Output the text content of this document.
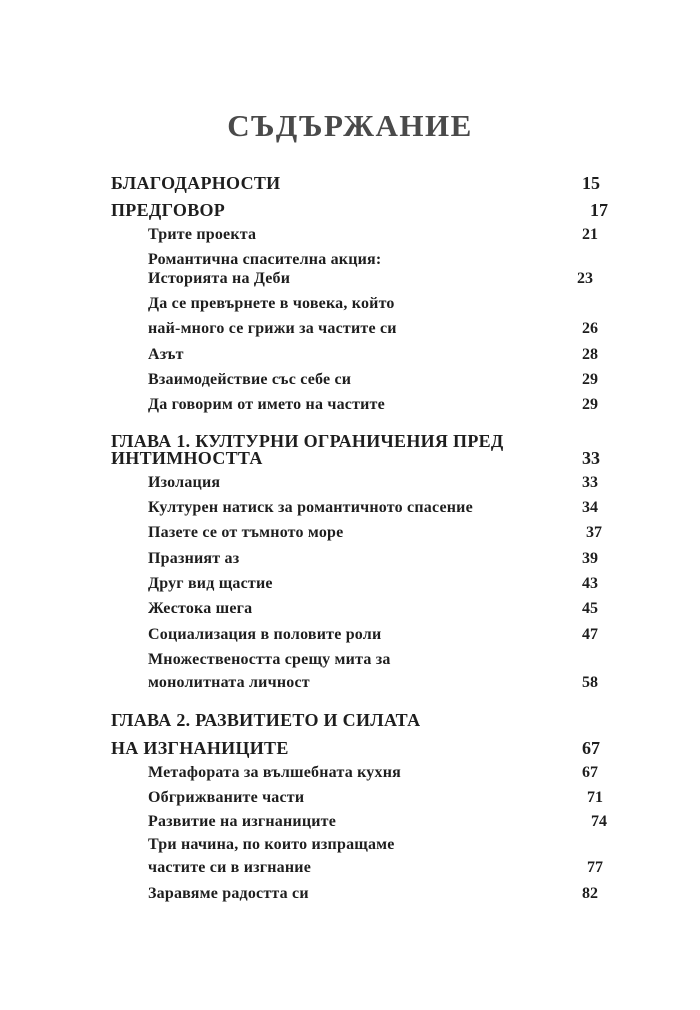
СЪДЪРЖАНИЕ
БЛАГОДАРНОСТИ	15
ПРЕДГОВОР	17
Трите проекта	21
Романтична спасителна акция:
Историята на Деби	23
Да се превърнете в човека, който
най-много се грижи за частите си	26
Азът	28
Взаимодействие със себе си	29
Да говорим от името на частите	29
ГЛАВА 1. КУЛТУРНИ ОГРАНИЧЕНИЯ ПРЕД
ИНТИМНОСТТА	33
Изолация	33
Културен натиск за романтичното спасение	34
Пазете се от тъмното море	37
Празният аз	39
Друг вид щастие	43
Жестока шега	45
Социализация в половите роли	47
Множествеността срещу мита за
монолитната личност	58
ГЛАВА 2. РАЗВИТИЕТО И СИЛАТА
НА ИЗГНАНИЦИТЕ	67
Метафората за вълшебната кухня	67
Обгрижваните части	71
Развитие на изгнаниците	74
Три начина, по които изпращаме
частите си в изгнание	77
Заравяме радостта си	82
